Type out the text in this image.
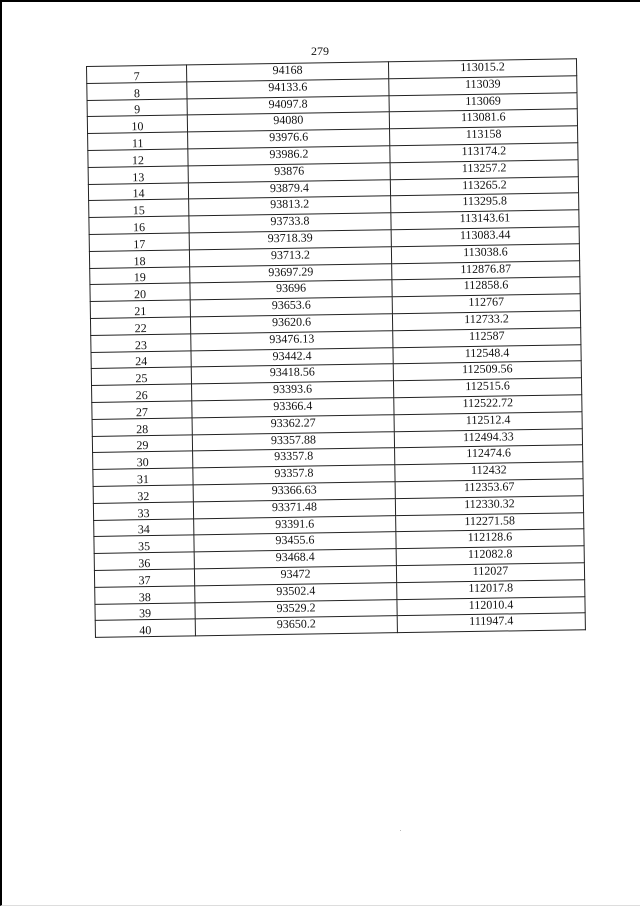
279
7	94168	113015.2
8	94133.6	113039
9	94097.8	113069
10	94080	113081.6
11	93976.6	113158
12	93986.2	113174.2
13	93876	113257.2
14	93879.4	113265.2
15	93813.2	113295.8
16	93733.8	113143.61
17	93718.39	113083.44
18	93713.2	113038.6
19	93697.29	112876.87
20	93696	112858.6
21	93653.6	112767
22	93620.6	112733.2
23	93476.13	112587
24	93442.4	112548.4
25	93418.56	112509.56
26	93393.6	112515.6
27	93366.4	112522.72
28	93362.27	112512.4
29	93357.88	112494.33
30	93357.8	112474.6
31	93357.8	112432
32	93366.63	112353.67
33	93371.48	112330.32
34	93391.6	112271.58
35	93455.6	112128.6
36	93468.4	112082.8
37	93472	112027
38	93502.4	112017.8
39	93529.2	112010.4
40	93650.2	111947.4
